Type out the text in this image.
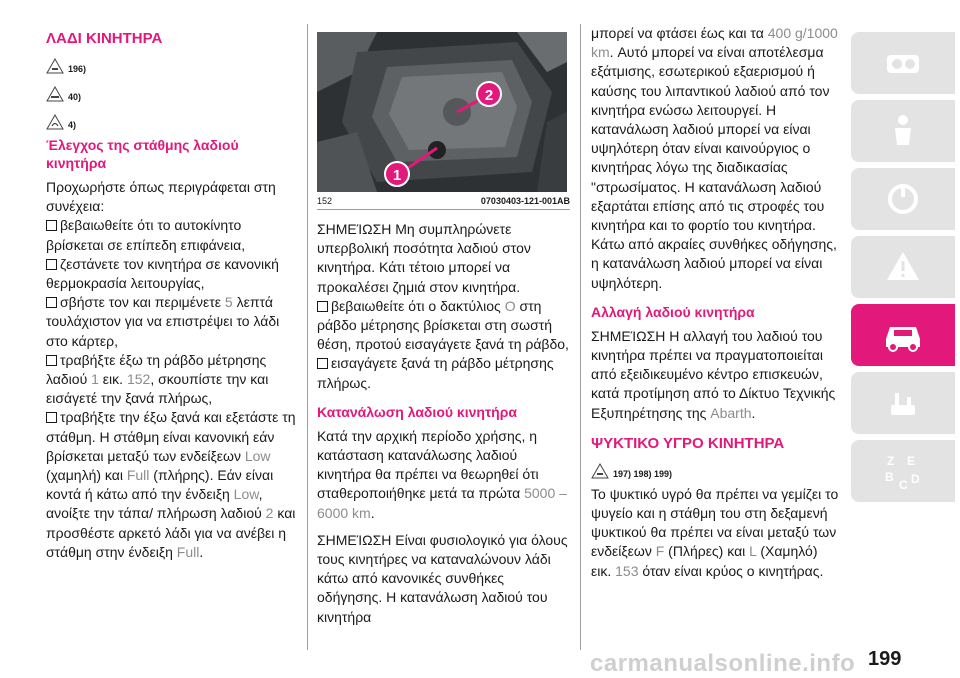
ΛΑΔΙ ΚΙΝΗΤΗΡΑ
196)
40)
4)
Έλεγχος της στάθμης λαδιού κινητήρα

Προχωρήστε όπως περιγράφεται στη συνέχεια:

βεβαιωθείτε ότι το αυτοκίνητο βρίσκεται σε επίπεδη επιφάνεια,

ζεστάνετε τον κινητήρα σε κανονική θερμοκρασία λειτουργίας,

σβήστε τον και περιμένετε 5 λεπτά τουλάχιστον για να επιστρέψει το λάδι στο κάρτερ,

τραβήξτε έξω τη ράβδο μέτρησης λαδιού 1 εικ. 152, σκουπίστε την και εισάγετέ την ξανά πλήρως,

τραβήξτε την έξω ξανά και εξετάστε τη στάθμη. Η στάθμη είναι κανονική εάν βρίσκεται μεταξύ των ενδείξεων Low (χαμηλή) και Full (πλήρης). Εάν είναι κοντά ή κάτω από την ένδειξη Low, ανοίξτε την τάπα/ πλήρωση λαδιού 2 και προσθέστε αρκετό λάδι για να ανέβει η στάθμη στην ένδειξη Full.

1
2
152	07030403-121-001AB

ΣΗΜΕΊΩΣΗ Μη συμπληρώνετε υπερβολική ποσότητα λαδιού στον κινητήρα. Κάτι τέτοιο μπορεί να προκαλέσει ζημιά στον κινητήρα.

βεβαιωθείτε ότι ο δακτύλιος O στη ράβδο μέτρησης βρίσκεται στη σωστή θέση, προτού εισαγάγετε ξανά τη ράβδο,

εισαγάγετε ξανά τη ράβδο μέτρησης πλήρως.

Κατανάλωση λαδιού κινητήρα

Κατά την αρχική περίοδο χρήσης, η κατάσταση κατανάλωσης λαδιού κινητήρα θα πρέπει να θεωρηθεί ότι σταθεροποιήθηκε μετά τα πρώτα 5000 – 6000 km.

ΣΗΜΕΊΩΣΗ Είναι φυσιολογικό για όλους τους κινητήρες να καταναλώνουν λάδι κάτω από κανονικές συνθήκες οδήγησης. Η κατανάλωση λαδιού του κινητήρα

μπορεί να φτάσει έως και τα 400 g/1000 km. Αυτό μπορεί να είναι αποτέλεσμα εξάτμισης, εσωτερικού εξαερισμού ή καύσης του λιπαντικού λαδιού από τον κινητήρα ενώσω λειτουργεί. Η κατανάλωση λαδιού μπορεί να είναι υψηλότερη όταν είναι καινούργιος ο κινητήρας λόγω της διαδικασίας "στρωσίματος. Η κατανάλωση λαδιού εξαρτάται επίσης από τις στροφές του κινητήρα και το φορτίο του κινητήρα. Κάτω από ακραίες συνθήκες οδήγησης, η κατανάλωση λαδιού μπορεί να είναι υψηλότερη.

Αλλαγή λαδιού κινητήρα

ΣΗΜΕΊΩΣΗ Η αλλαγή του λαδιού του κινητήρα πρέπει να πραγματοποιείται από εξειδικευμένο κέντρο επισκευών, κατά προτίμηση από το Δίκτυο Τεχνικής Εξυπηρέτησης της Abarth.

ΨΥΚΤΙΚΟ ΥΓΡΟ ΚΙΝΗΤΗΡΑ
197) 198) 199)

Το ψυκτικό υγρό θα πρέπει να γεμίζει το ψυγείο και η στάθμη του στη δεξαμενή ψυκτικού θα πρέπει να είναι μεταξύ των ενδείξεων F (Πλήρες) και L (Χαμηλό) εικ. 153 όταν είναι κρύος ο κινητήρας.

Z E
B
C D
carmanualsonline.info 199
